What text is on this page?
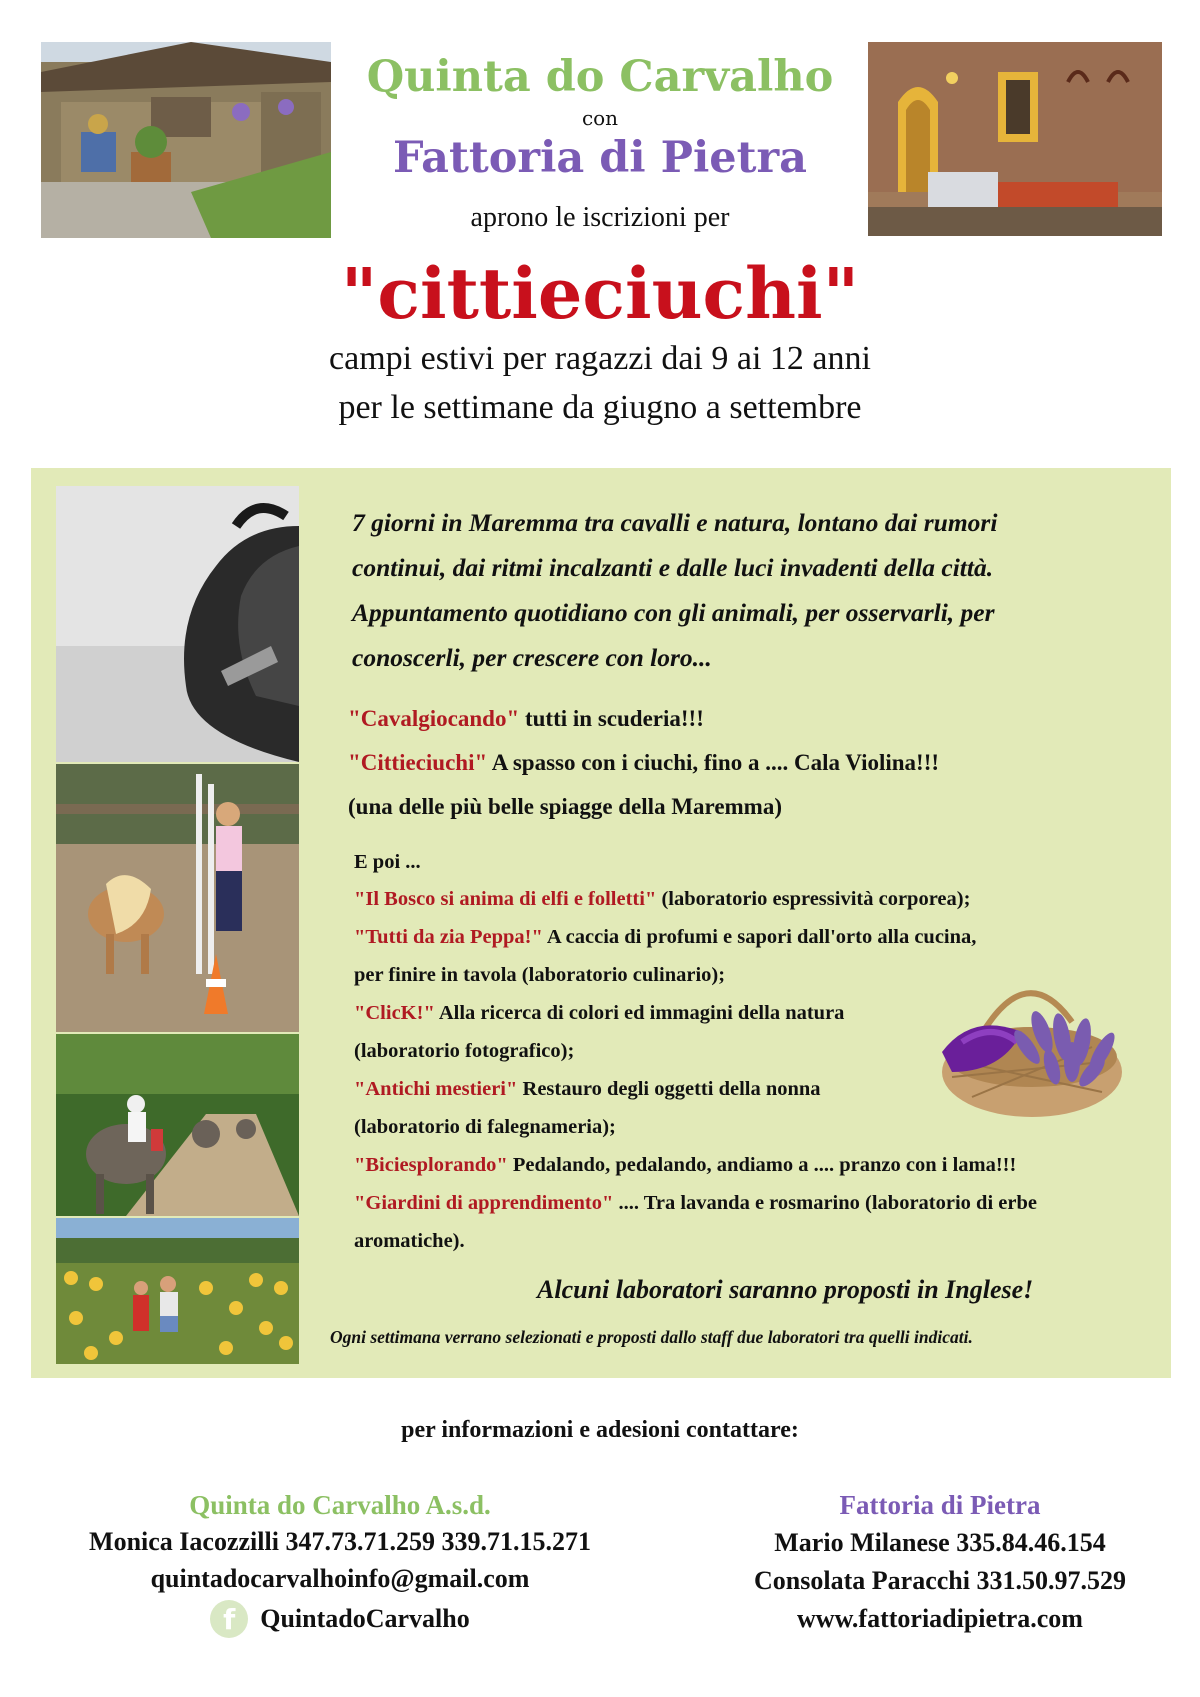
Quinta do Carvalho
con
Fattoria di Pietra
aprono le iscrizioni per
"cittieciuchi"
campi estivi per ragazzi dai 9 ai 12 anni
per le settimane da giugno a settembre
7 giorni in Maremma tra cavalli e natura, lontano dai rumori
continui, dai ritmi incalzanti e dalle luci invadenti della città.
Appuntamento quotidiano con gli animali, per osservarli, per
conoscerli, per crescere con loro...
"Cavalgiocando" tutti in scuderia!!!
"Cittieciuchi" A spasso con i ciuchi, fino a .... Cala Violina!!!
(una delle più belle spiagge della Maremma)
E poi ...
"Il Bosco si anima di elfi e folletti" (laboratorio espressività corporea);
"Tutti da zia Peppa!" A caccia di profumi e sapori dall'orto alla cucina,
per finire in tavola (laboratorio culinario);
"ClicK!" Alla ricerca di colori ed immagini della natura
(laboratorio fotografico);
"Antichi mestieri" Restauro degli oggetti della nonna
(laboratorio di falegnameria);
"Biciesplorando" Pedalando, pedalando, andiamo a .... pranzo con i lama!!!
"Giardini di apprendimento" .... Tra lavanda e rosmarino (laboratorio di erbe
aromatiche).
Alcuni laboratori saranno proposti in Inglese!
Ogni settimana verrano selezionati e proposti dallo staff due laboratori tra quelli indicati.
per informazioni e adesioni contattare:
Quinta do Carvalho A.s.d.
Monica Iacozzilli 347.73.71.259 339.71.15.271
quintadocarvalhoinfo@gmail.com
f QuintadoCarvalho
Fattoria di Pietra
Mario Milanese 335.84.46.154
Consolata Paracchi 331.50.97.529
www.fattoriadipietra.com
